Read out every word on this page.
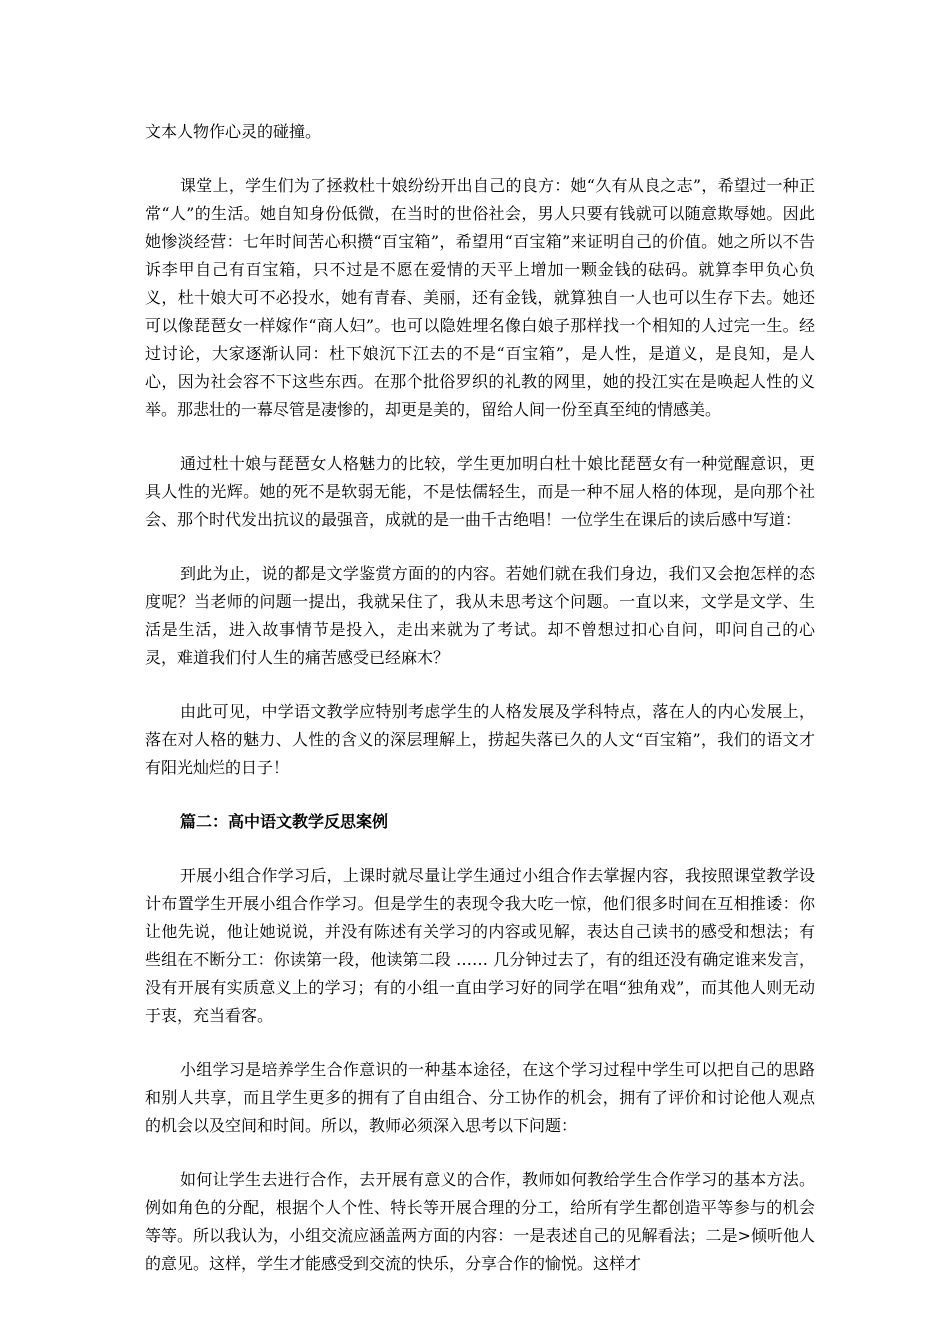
文本人物作心灵的碰撞。

课堂上，学生们为了拯救杜十娘纷纷开出自己的良方：她“久有从良之志”，希望过一种正常“人”的生活。她自知身份低微，在当时的世俗社会，男人只要有钱就可以随意欺辱她。因此她惨淡经营：七年时间苦心积攒“百宝箱”，希望用“百宝箱”来证明自己的价值。她之所以不告诉李甲自己有百宝箱，只不过是不愿在爱情的天平上增加一颗金钱的砝码。就算李甲负心负义，杜十娘大可不必投水，她有青春、美丽，还有金钱，就算独自一人也可以生存下去。她还可以像琵琶女一样嫁作“商人妇”。也可以隐姓埋名像白娘子那样找一个相知的人过完一生。经过讨论，大家逐渐认同：杜下娘沉下江去的不是“百宝箱”，是人性，是道义，是良知，是人心，因为社会容不下这些东西。在那个批俗罗织的礼教的网里，她的投江实在是唤起人性的义举。那悲壮的一幕尽管是凄惨的，却更是美的，留给人间一份至真至纯的情感美。

通过杜十娘与琵琶女人格魅力的比较，学生更加明白杜十娘比琵琶女有一种觉醒意识，更具人性的光辉。她的死不是软弱无能，不是怯儒轻生，而是一种不屈人格的体现，是向那个社会、那个时代发出抗议的最强音，成就的是一曲千古绝唱！一位学生在课后的读后感中写道：

到此为止，说的都是文学鉴赏方面的的内容。若她们就在我们身边，我们又会抱怎样的态度呢？当老师的问题一提出，我就呆住了，我从未思考这个问题。一直以来，文学是文学、生活是生活，进入故事情节是投入，走出来就为了考试。却不曾想过扣心自问，叩问自己的心灵，难道我们付人生的痛苦感受已经麻木？

由此可见，中学语文教学应特别考虑学生的人格发展及学科特点，落在人的内心发展上，落在对人格的魅力、人性的含义的深层理解上，捞起失落已久的人文“百宝箱”，我们的语文才有阳光灿烂的日子！

篇二：高中语文教学反思案例

开展小组合作学习后，上课时就尽量让学生通过小组合作去掌握内容，我按照课堂教学设计布置学生开展小组合作学习。但是学生的表现令我大吃一惊，他们很多时间在互相推诿：你让他先说，他让她说说，并没有陈述有关学习的内容或见解，表达自己读书的感受和想法；有些组在不断分工：你读第一段，他读第二段 …… 几分钟过去了，有的组还没有确定谁来发言，没有开展有实质意义上的学习；有的小组一直由学习好的同学在唱“独角戏”，而其他人则无动于衷，充当看客。

小组学习是培养学生合作意识的一种基本途径，在这个学习过程中学生可以把自己的思路和别人共享，而且学生更多的拥有了自由组合、分工协作的机会，拥有了评价和讨论他人观点的机会以及空间和时间。所以，教师必须深入思考以下问题：

如何让学生去进行合作，去开展有意义的合作，教师如何教给学生合作学习的基本方法。例如角色的分配，根据个人个性、特长等开展合理的分工，给所有学生都创造平等参与的机会等等。所以我认为，小组交流应涵盖两方面的内容：一是表述自己的见解看法；二是>倾听他人的意见。这样，学生才能感受到交流的快乐，分享合作的愉悦。这样才
